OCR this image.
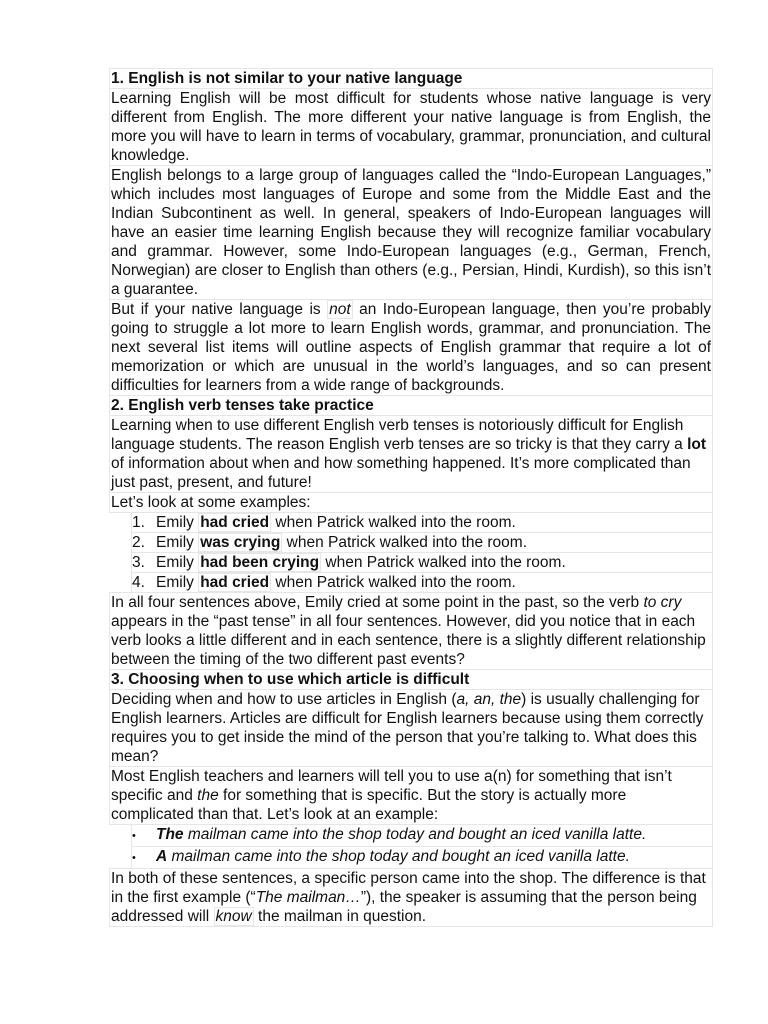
1. English is not similar to your native language
Learning English will be most difficult for students whose native language is very different from English. The more different your native language is from English, the more you will have to learn in terms of vocabulary, grammar, pronunciation, and cultural knowledge.
English belongs to a large group of languages called the “Indo-European Languages,” which includes most languages of Europe and some from the Middle East and the Indian Subcontinent as well. In general, speakers of Indo-European languages will have an easier time learning English because they will recognize familiar vocabulary and grammar. However, some Indo-European languages (e.g., German, French, Norwegian) are closer to English than others (e.g., Persian, Hindi, Kurdish), so this isn’t a guarantee.
But if your native language is not an Indo-European language, then you’re probably going to struggle a lot more to learn English words, grammar, and pronunciation. The next several list items will outline aspects of English grammar that require a lot of memorization or which are unusual in the world’s languages, and so can present difficulties for learners from a wide range of backgrounds.
2. English verb tenses take practice
Learning when to use different English verb tenses is notoriously difficult for English language students. The reason English verb tenses are so tricky is that they carry a lot of information about when and how something happened. It’s more complicated than just past, present, and future!
Let’s look at some examples:
1. Emily had cried when Patrick walked into the room.
2. Emily was crying when Patrick walked into the room.
3. Emily had been crying when Patrick walked into the room.
4. Emily had cried when Patrick walked into the room.
In all four sentences above, Emily cried at some point in the past, so the verb to cry appears in the “past tense” in all four sentences. However, did you notice that in each verb looks a little different and in each sentence, there is a slightly different relationship between the timing of the two different past events?
3. Choosing when to use which article is difficult
Deciding when and how to use articles in English (a, an, the) is usually challenging for English learners. Articles are difficult for English learners because using them correctly requires you to get inside the mind of the person that you’re talking to. What does this mean?
Most English teachers and learners will tell you to use a(n) for something that isn’t specific and the for something that is specific. But the story is actually more complicated than that. Let’s look at an example:
• The mailman came into the shop today and bought an iced vanilla latte.
• A mailman came into the shop today and bought an iced vanilla latte.
In both of these sentences, a specific person came into the shop. The difference is that in the first example (“The mailman…”), the speaker is assuming that the person being addressed will know the mailman in question.
